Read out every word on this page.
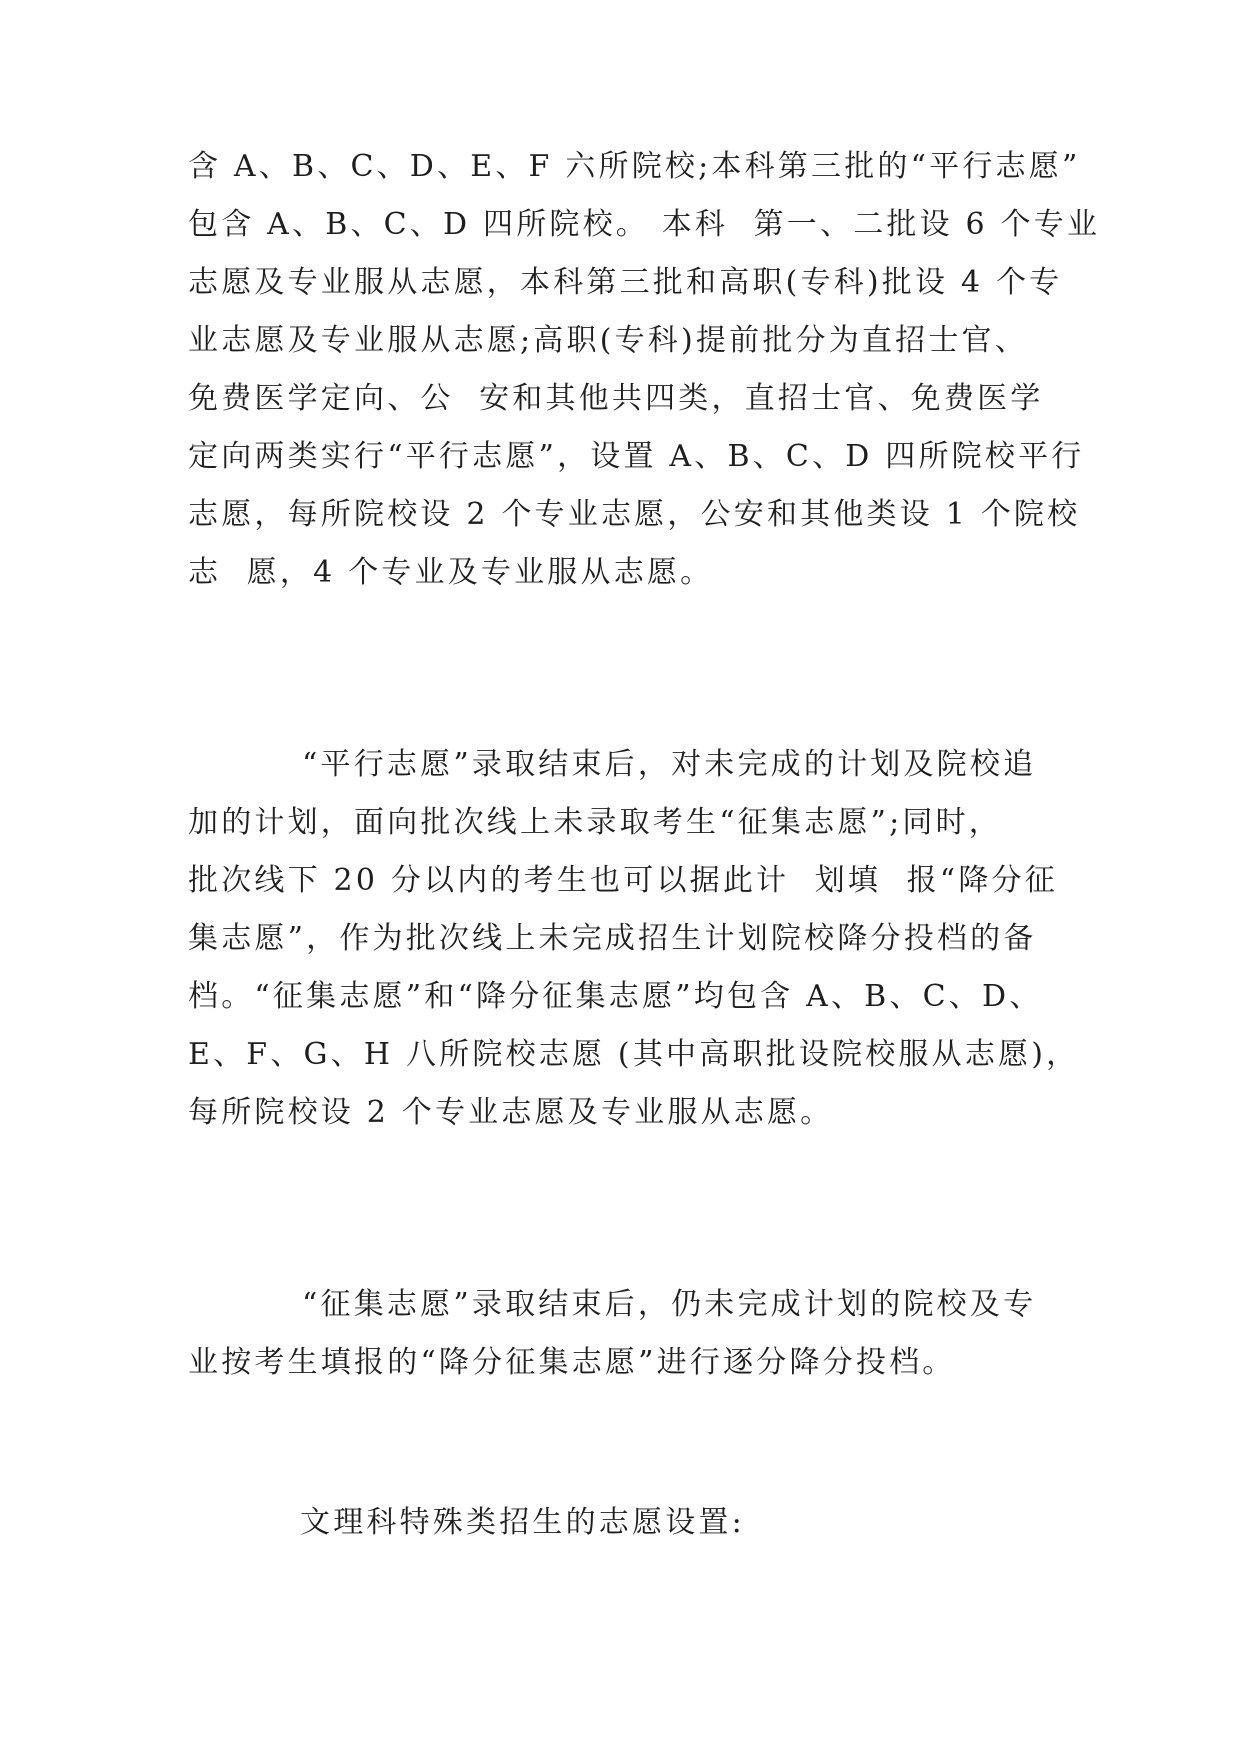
含 A、B、C、D、E、F 六所院校;本科第三批的“平行志愿”
包含 A、B、C、D 四所院校。 本科  第一、二批设 6 个专业
志愿及专业服从志愿，本科第三批和高职(专科)批设 4 个专
业志愿及专业服从志愿;高职(专科)提前批分为直招士官、
免费医学定向、公  安和其他共四类，直招士官、免费医学
定向两类实行“平行志愿”，设置 A、B、C、D 四所院校平行
志愿，每所院校设 2 个专业志愿，公安和其他类设 1 个院校
志  愿，4 个专业及专业服从志愿。
“平行志愿”录取结束后，对未完成的计划及院校追
加的计划，面向批次线上未录取考生“征集志愿”;同时，
批次线下 20 分以内的考生也可以据此计  划填  报“降分征
集志愿”，作为批次线上未完成招生计划院校降分投档的备
档。“征集志愿”和“降分征集志愿”均包含 A、B、C、D、
E、F、G、H 八所院校志愿 (其中高职批设院校服从志愿)，
每所院校设 2 个专业志愿及专业服从志愿。
“征集志愿”录取结束后，仍未完成计划的院校及专
业按考生填报的“降分征集志愿”进行逐分降分投档。
文理科特殊类招生的志愿设置:
